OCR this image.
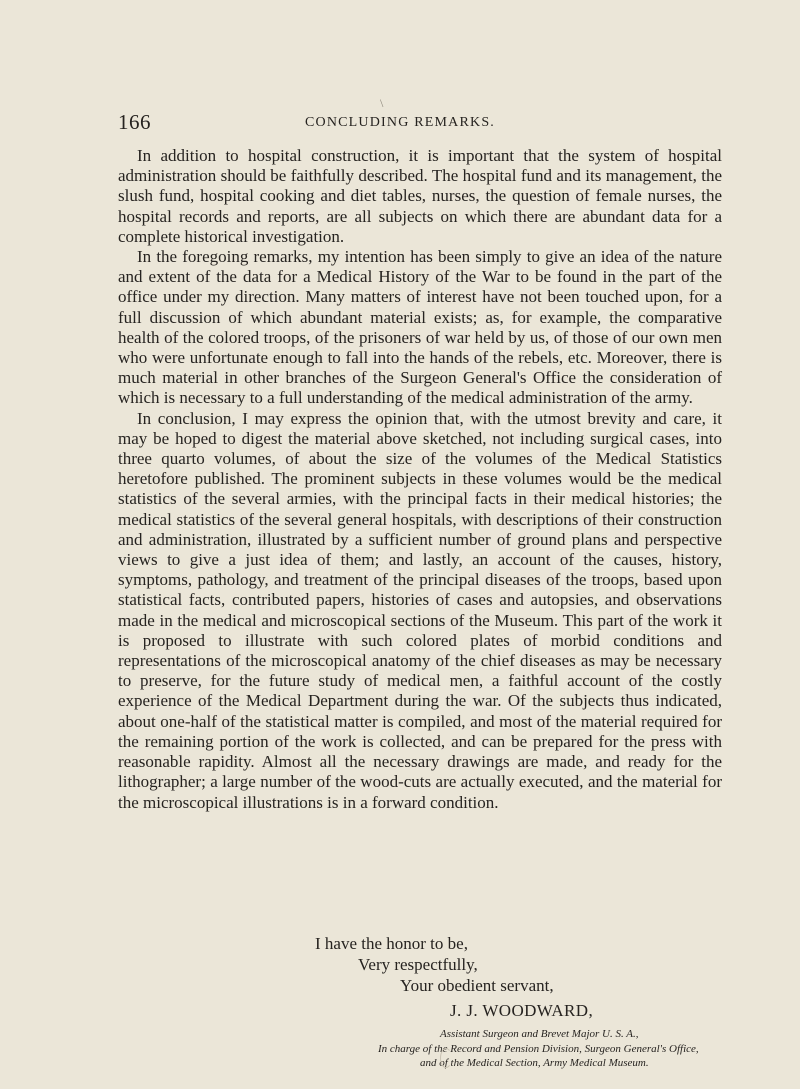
\
166	CONCLUDING REMARKS.

In addition to hospital construction, it is important that the system of hospital administration should be faithfully described. The hospital fund and its management, the slush fund, hospital cooking and diet tables, nurses, the question of female nurses, the hospital records and reports, are all subjects on which there are abundant data for a complete historical investigation.

In the foregoing remarks, my intention has been simply to give an idea of the nature and extent of the data for a Medical History of the War to be found in the part of the office under my direction. Many matters of interest have not been touched upon, for a full discussion of which abundant material exists; as, for example, the comparative health of the colored troops, of the prisoners of war held by us, of those of our own men who were unfortunate enough to fall into the hands of the rebels, etc. Moreover, there is much material in other branches of the Surgeon General's Office the consideration of which is necessary to a full understanding of the medical administration of the army.

In conclusion, I may express the opinion that, with the utmost brevity and care, it may be hoped to digest the material above sketched, not including surgical cases, into three quarto volumes, of about the size of the volumes of the Medical Statistics heretofore published. The prominent subjects in these volumes would be the medical statistics of the several armies, with the principal facts in their medical histories; the medical statistics of the several general hospitals, with descriptions of their construction and administration, illustrated by a sufficient number of ground plans and perspective views to give a just idea of them; and lastly, an account of the causes, history, symptoms, pathology, and treatment of the principal diseases of the troops, based upon statistical facts, contributed papers, histories of cases and autopsies, and observations made in the medical and microscopical sections of the Museum. This part of the work it is proposed to illustrate with such colored plates of morbid conditions and representations of the microscopical anatomy of the chief diseases as may be necessary to preserve, for the future study of medical men, a faithful account of the costly experience of the Medical Department during the war. Of the subjects thus indicated, about one-half of the statistical matter is compiled, and most of the material required for the remaining portion of the work is collected, and can be prepared for the press with reasonable rapidity. Almost all the necessary drawings are made, and ready for the lithographer; a large number of the wood-cuts are actually executed, and the material for the microscopical illustrations is in a forward condition.

I have the honor to be,
Very respectfully,
Your obedient servant,
J. J. WOODWARD,
Assistant Surgeon and Brevet Major U. S. A.,
In charge of the Record and Pension Division, Surgeon General's Office,
and of the Medical Section, Army Medical Museum.
